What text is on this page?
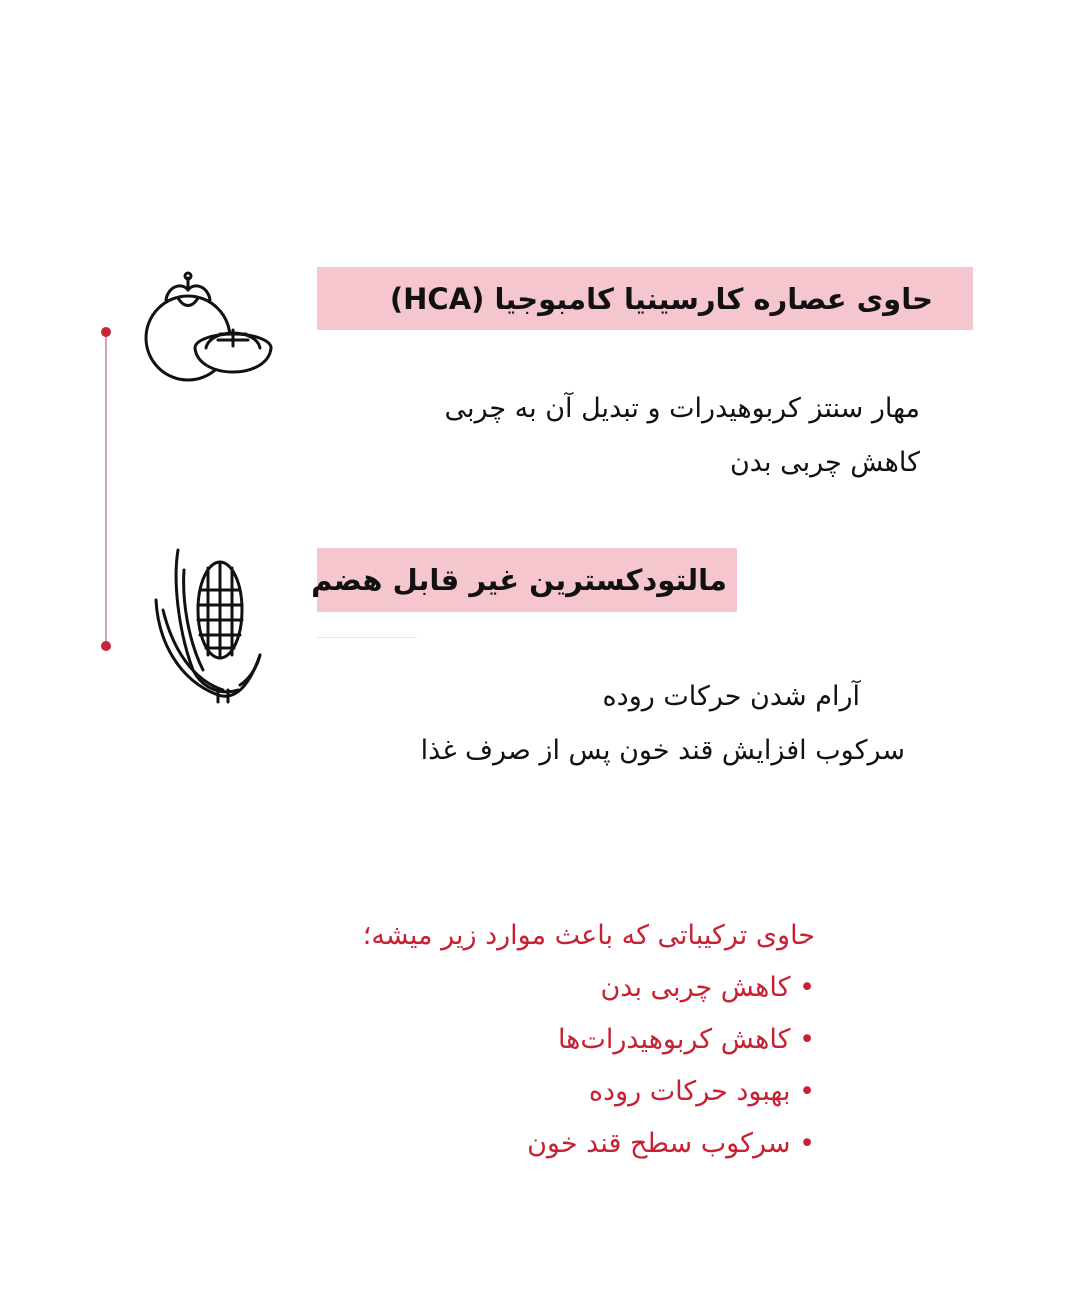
حاوی عصاره کارسینیا کامبوجیا (HCA)
مهار سنتز کربوهیدرات و تبدیل آن به چربی
کاهش چربی بدن
مالتودکسترین غیر قابل هضم
آرام شدن حرکات روده
سرکوب افزایش قند خون پس از صرف غذا
حاوی ترکیباتی که باعث موارد زیر میشه؛
• کاهش چربی بدن
• کاهش کربوهیدرات‌ها
• بهبود حرکات روده
• سرکوب سطح قند خون
